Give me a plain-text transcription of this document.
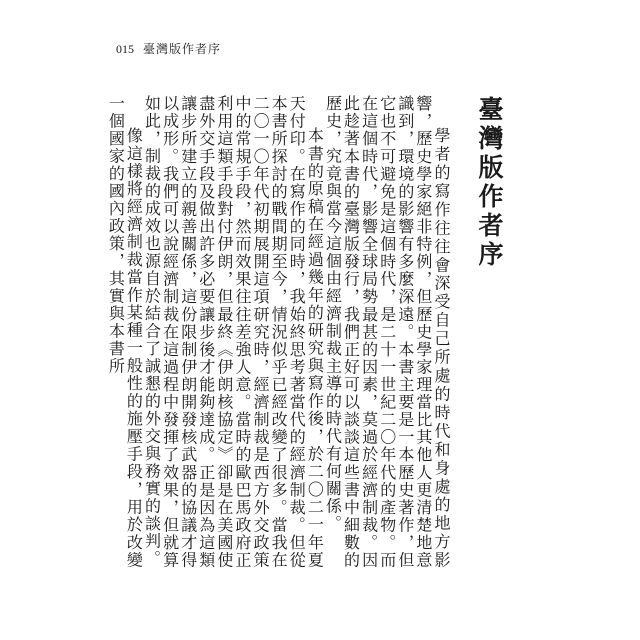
015 臺灣版作者序
臺灣版作者序

學者的寫作往往會深受自己所處的時代和身處的地方影響，歷史學家絕非特例，但歷史學家理當比其他人更清楚地意識到，環境的影響有多麼深遠。本書主要是一本歷史著作，但它也不可避免是這個時代，是二十一世紀二〇年代的產物。而在這個時代，影響全球局勢最甚的因素，莫過於經濟制裁。因此趁著本書的臺灣版發行，我們正好可以談談這些書中細數的歷史，究竟與當今這個由經濟制裁主導的時代有何關係。

本書的原稿在經過幾年的研究與寫作後，於二〇二一年夏天付印。在寫作的同時，我始終思考著當代的經濟制裁。但從本書所探討的戰間期至今，情況似乎已經改變了很多。當我在二〇一〇年代初期展開這項研究時，經濟制裁是西方外交政策中的常規手段，然而效果往往差強人意。當時的歐巴馬政府正利用這類手段對付伊朗，但最終《伊朗核協定》卻是在美國使盡外交手段及做出許多必要讓步後才能夠達成。正是因為這類讓步所建立的親善關係，這份限制伊朗開發核武器的協議才得以成形。我們可以說經濟制裁在這過程中發揮了效果，但就算如此，制裁的成效也源自於結合了誠懇的外交與務實的談判。

像這樣將經濟制裁當作某種一般性的施壓手段，用於改變一個國家的國內政策，其實與本書所
